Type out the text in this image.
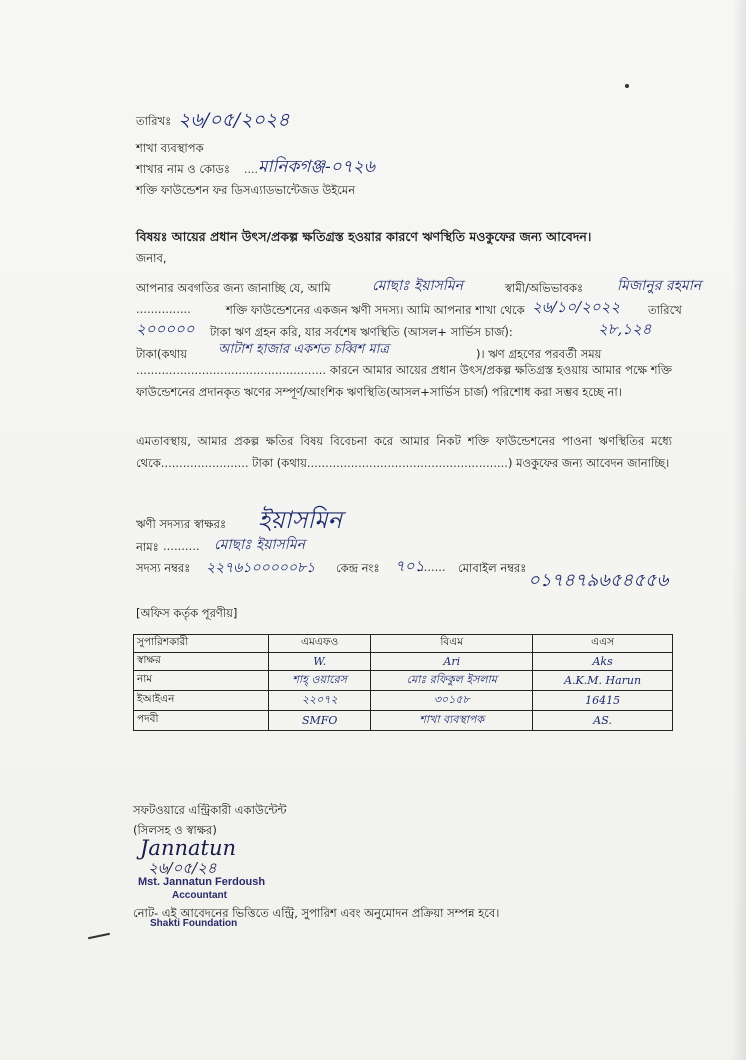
তারিখঃ ২৬/০৫/২০২৪
শাখা ব্যবস্থাপক
শাখার নাম ও কোডঃ .... মানিকগঞ্জ-০৭২৬
শক্তি ফাউন্ডেশন ফর ডিসএ্যাডভান্টেজড উইমেন
বিষয়ঃ আয়ের প্রধান উৎস/প্রকল্প ক্ষতিগ্রস্ত হওয়ার কারণে ঋণস্থিতি মওকুফের জন্য আবেদন।
জনাব,
আপনার অবগতির জন্য জানাচ্ছি যে, আমি	মোছাঃ ইয়াসমিন	স্বামী/অভিভাবকঃ মিজানুর রহমান
...............	শক্তি ফাউন্ডেশনের একজন ঋণী সদস্য। আমি আপনার শাখা থেকে ২৬/১০/২০২২ তারিখে
২০০০০০ টাকা ঋণ গ্রহন করি, যার সর্বশেষ ঋণস্থিতি (আসল+ সার্ভিস চার্জ):	২৮,১২৪
টাকা(কথায় আটাশ হাজার একশত চব্বিশ মাত্র	)। ঋণ গ্রহণের পরবর্তী সময়
.................................................... কারনে আমার আয়ের প্রধান উৎস/প্রকল্প ক্ষতিগ্রস্ত হওয়ায় আমার পক্ষে শক্তি ফাউন্ডেশনের প্রদানকৃত ঋণের সম্পূর্ণ/আংশিক ঋণস্থিতি(আসল+সার্ভিস চার্জ) পরিশোধ করা সম্ভব হচ্ছে না।
এমতাবস্থায়, আমার প্রকল্প ক্ষতির বিষয় বিবেচনা করে আমার নিকট শক্তি ফাউন্ডেশনের পাওনা ঋণস্থিতির মধ্যে থেকে........................ টাকা (কথায়.......................................................) মওকুফের জন্য আবেদন জানাচ্ছি।
ঋণী সদস্যর স্বাক্ষরঃ ইয়াসমিন
নামঃ .......... মোছাঃ ইয়াসমিন
সদস্য নম্বরঃ ২২৭৬১০০০০০৮১ কেন্দ্র নংঃ ৭০১
....... মোবাইল নম্বরঃ
০১৭৪৭৯৬৫৪৫৫৬
[অফিস কর্তৃক পূরণীয়]
সুপারিশকারী	এমএফও	বিএম	এএস
স্বাক্ষর	W.	Ari	Aks
নাম	শাহ্ ওয়ারেস	মোঃ রফিকুল ইসলাম	A.K.M. Harun
ইআইএন	২২০৭২	৩০১৫৮	16415
পদবী	SMFO	শাখা ব্যবস্থাপক	AS.
সফটওয়ারে এন্ট্রিকারী একাউন্টেন্ট
(সিলসহ ও স্বাক্ষর)
Jannatun
২৬/০৫/২৪
Mst. Jannatun Ferdoush
Accountant
নোট- এই আবেদনের ভিত্তিতে এন্ট্রি, সুপারিশ এবং অনুমোদন প্রক্রিয়া সম্পন্ন হবে।
Shakti Foundation
